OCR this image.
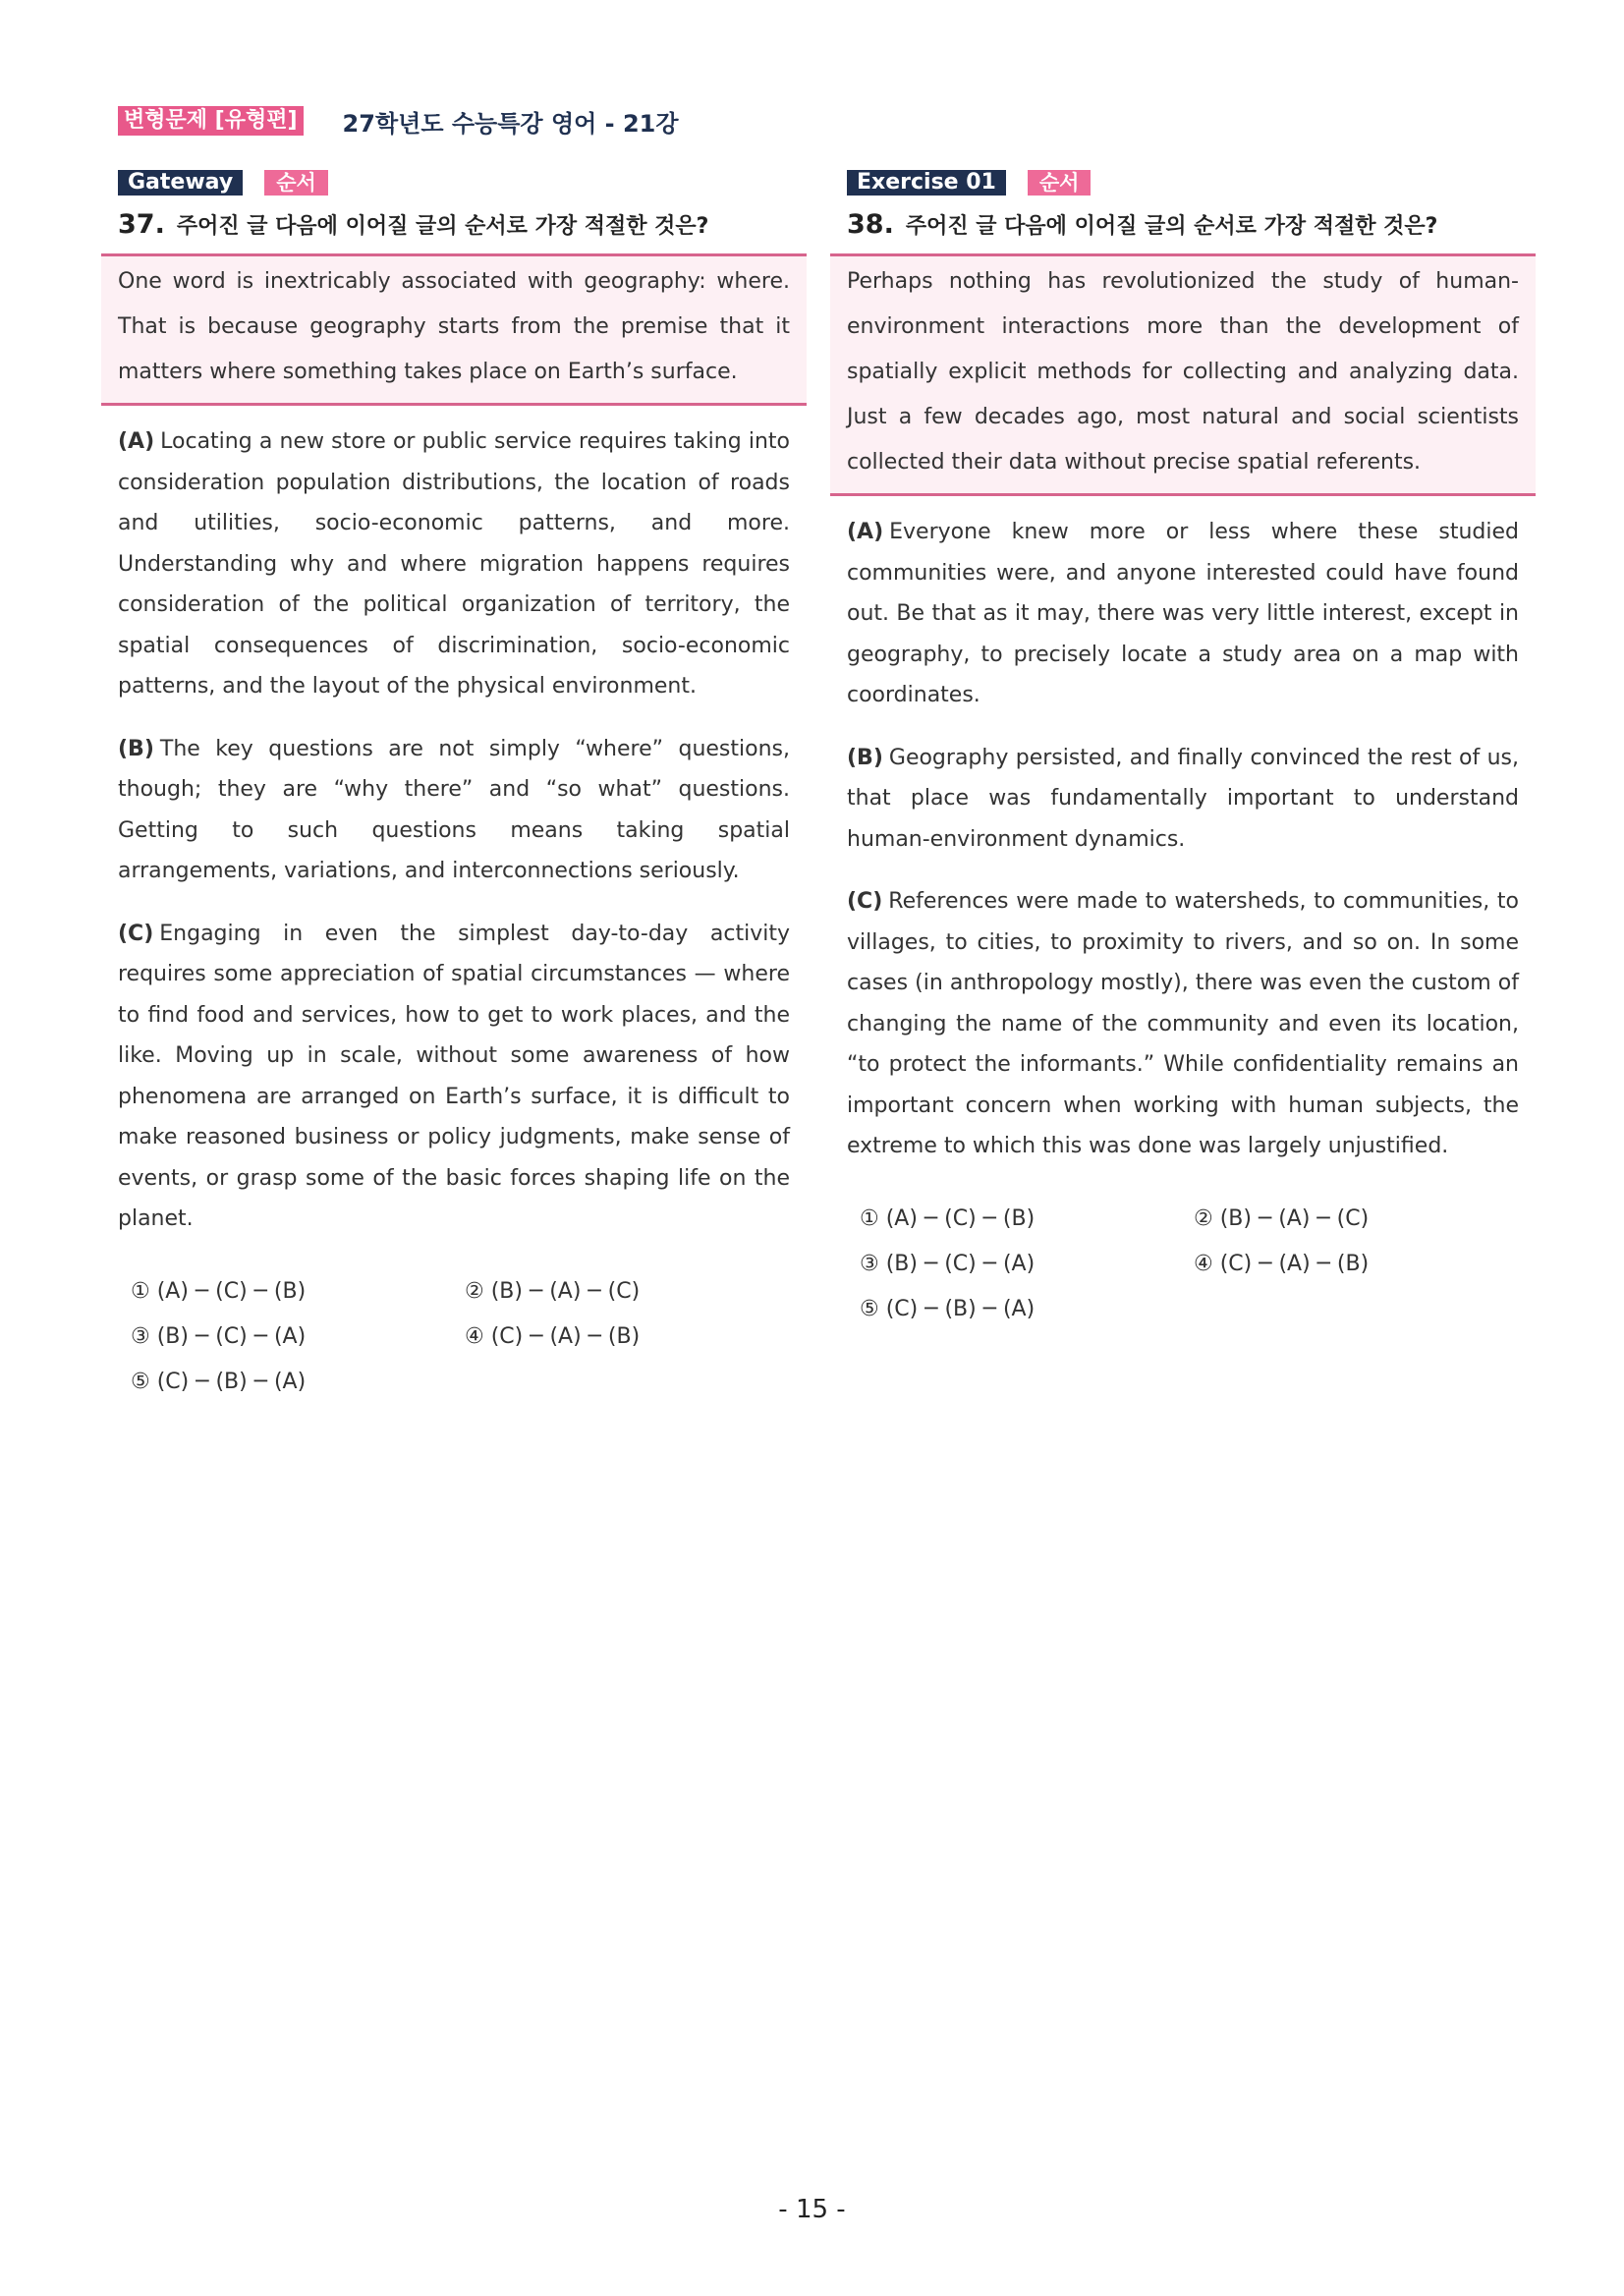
변형문제 [유형편] 27학년도 수능특강 영어 - 21강
Gateway	순서
37. 주어진 글 다음에 이어질 글의 순서로 가장 적절한 것은?

One word is inextricably associated with geography: where. That is because geography starts from the premise that it matters where something takes place on Earth’s surface.

(A) Locating a new store or public service requires taking into consideration population distributions, the location of roads and utilities, socio-economic patterns, and more. Understanding why and where migration happens requires consideration of the political organization of territory, the spatial consequences of discrimination, socio-economic patterns, and the layout of the physical environment.

(B) The key questions are not simply “where” questions, though; they are “why there” and “so what” questions. Getting to such questions means taking spatial arrangements, variations, and interconnections seriously.

(C) Engaging in even the simplest day-to-day activity requires some appreciation of spatial circumstances — where to find food and services, how to get to work places, and the like. Moving up in scale, without some awareness of how phenomena are arranged on Earth’s surface, it is difficult to make reasoned business or policy judgments, make sense of events, or grasp some of the basic forces shaping life on the planet.

① (A) ─ (C) ─ (B)	② (B) ─ (A) ─ (C)
③ (B) ─ (C) ─ (A)	④ (C) ─ (A) ─ (B)
⑤ (C) ─ (B) ─ (A)
Exercise 01	순서
38. 주어진 글 다음에 이어질 글의 순서로 가장 적절한 것은?

Perhaps nothing has revolutionized the study of human-environment interactions more than the development of spatially explicit methods for collecting and analyzing data. Just a few decades ago, most natural and social scientists collected their data without precise spatial referents.

(A) Everyone knew more or less where these studied communities were, and anyone interested could have found out. Be that as it may, there was very little interest, except in geography, to precisely locate a study area on a map with coordinates.

(B) Geography persisted, and finally convinced the rest of us, that place was fundamentally important to understand human-environment dynamics.

(C) References were made to watersheds, to communities, to villages, to cities, to proximity to rivers, and so on. In some cases (in anthropology mostly), there was even the custom of changing the name of the community and even its location, “to protect the informants.” While confidentiality remains an important concern when working with human subjects, the extreme to which this was done was largely unjustified.

① (A) ─ (C) ─ (B)	② (B) ─ (A) ─ (C)
③ (B) ─ (C) ─ (A)	④ (C) ─ (A) ─ (B)
⑤ (C) ─ (B) ─ (A)
- 15 -
